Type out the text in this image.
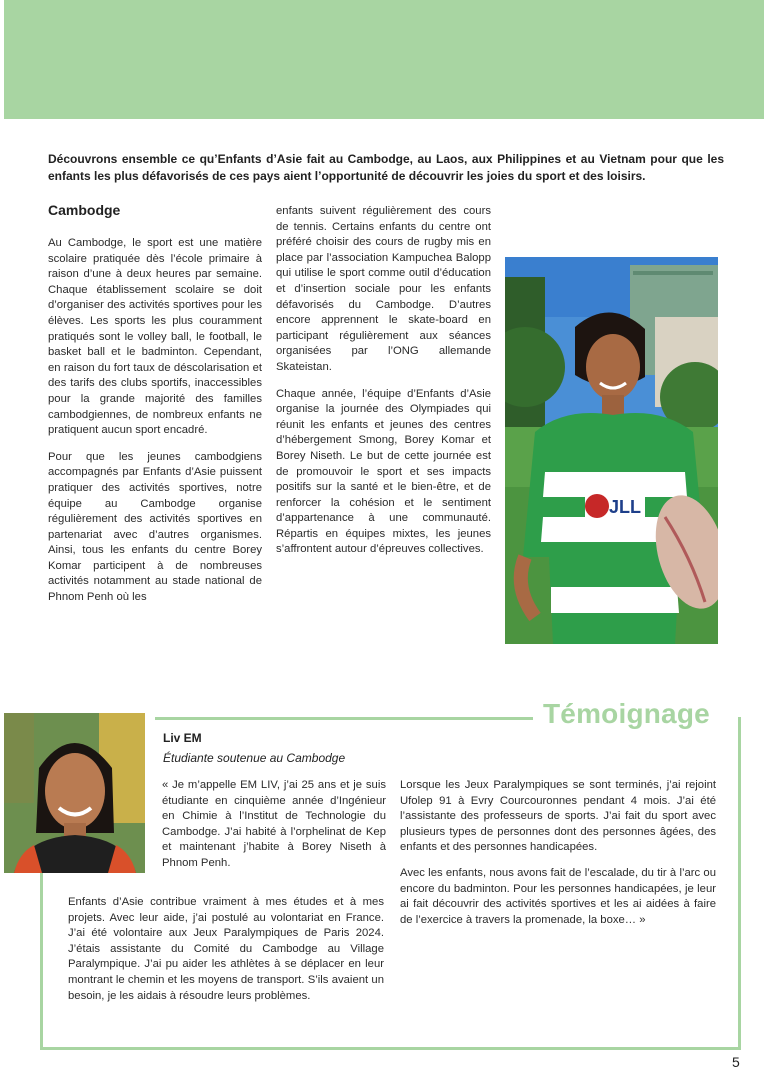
Découvrons ensemble ce qu’Enfants d’Asie fait au Cambodge, au Laos, aux Philippines et au Vietnam pour que les enfants les plus défavorisés de ces pays aient l’opportunité de découvrir les joies du sport et des loisirs.

Cambodge

Au Cambodge, le sport est une matière scolaire pratiquée dès l’école primaire à raison d’une à deux heures par semaine. Chaque établissement scolaire se doit d’organiser des activités sportives pour les élèves. Les sports les plus couramment pratiqués sont le volley ball, le football, le basket ball et le badminton. Cependant, en raison du fort taux de déscolarisation et des tarifs des clubs sportifs, inaccessibles pour la grande majorité des familles cambodgiennes, de nombreux enfants ne pratiquent aucun sport encadré.

Pour que les jeunes cambodgiens accompagnés par Enfants d’Asie puissent pratiquer des activités sportives, notre équipe au Cambodge organise régulièrement des activités sportives en partenariat avec d’autres organismes. Ainsi, tous les enfants du centre Borey Komar participent à de nombreuses activités notamment au stade national de Phnom Penh où les

enfants suivent régulièrement des cours de tennis. Certains enfants du centre ont préféré choisir des cours de rugby mis en place par l’association Kampuchea Balopp qui utilise le sport comme outil d’éducation et d’insertion sociale pour les enfants défavorisés du Cambodge. D’autres encore apprennent le skate-board en participant régulièrement aux séances organisées par l’ONG allemande Skateistan.

Chaque année, l’équipe d’Enfants d’Asie organise la journée des Olympiades qui réunit les enfants et jeunes des centres d’hébergement Smong, Borey Komar et Borey Niseth. Le but de cette journée est de promouvoir le sport et ses impacts positifs sur la santé et le bien-être, et de renforcer la cohésion et le sentiment d’appartenance à une communauté. Répartis en équipes mixtes, les jeunes s’affrontent autour d’épreuves collectives.

JLL
Témoignage

Liv EM

Étudiante soutenue au Cambodge

« Je m’appelle EM LIV, j’ai 25 ans et je suis étudiante en cinquième année d’Ingénieur en Chimie à l’Institut de Technologie du Cambodge. J’ai habité à l’orphelinat de Kep et maintenant j’habite à Borey Niseth à Phnom Penh.

Enfants d’Asie contribue vraiment à mes études et à mes projets. Avec leur aide, j’ai postulé au volontariat en France. J’ai été volontaire aux Jeux Paralympiques de Paris 2024. J’étais assistante du Comité du Cambodge au Village Paralympique. J’ai pu aider les athlètes à se déplacer en leur montrant le chemin et les moyens de transport. S’ils avaient un besoin, je les aidais à résoudre leurs problèmes.

Lorsque les Jeux Paralympiques se sont terminés, j’ai rejoint Ufolep 91 à Evry Courcouronnes pendant 4 mois. J’ai été l’assistante des professeurs de sports. J’ai fait du sport avec plusieurs types de personnes dont des personnes âgées, des enfants et des personnes handicapées.

Avec les enfants, nous avons fait de l’escalade, du tir à l’arc ou encore du badminton. Pour les personnes handicapées, je leur ai fait découvrir des activités sportives et les ai aidées à faire de l’exercice à travers la promenade, la boxe… »

5
